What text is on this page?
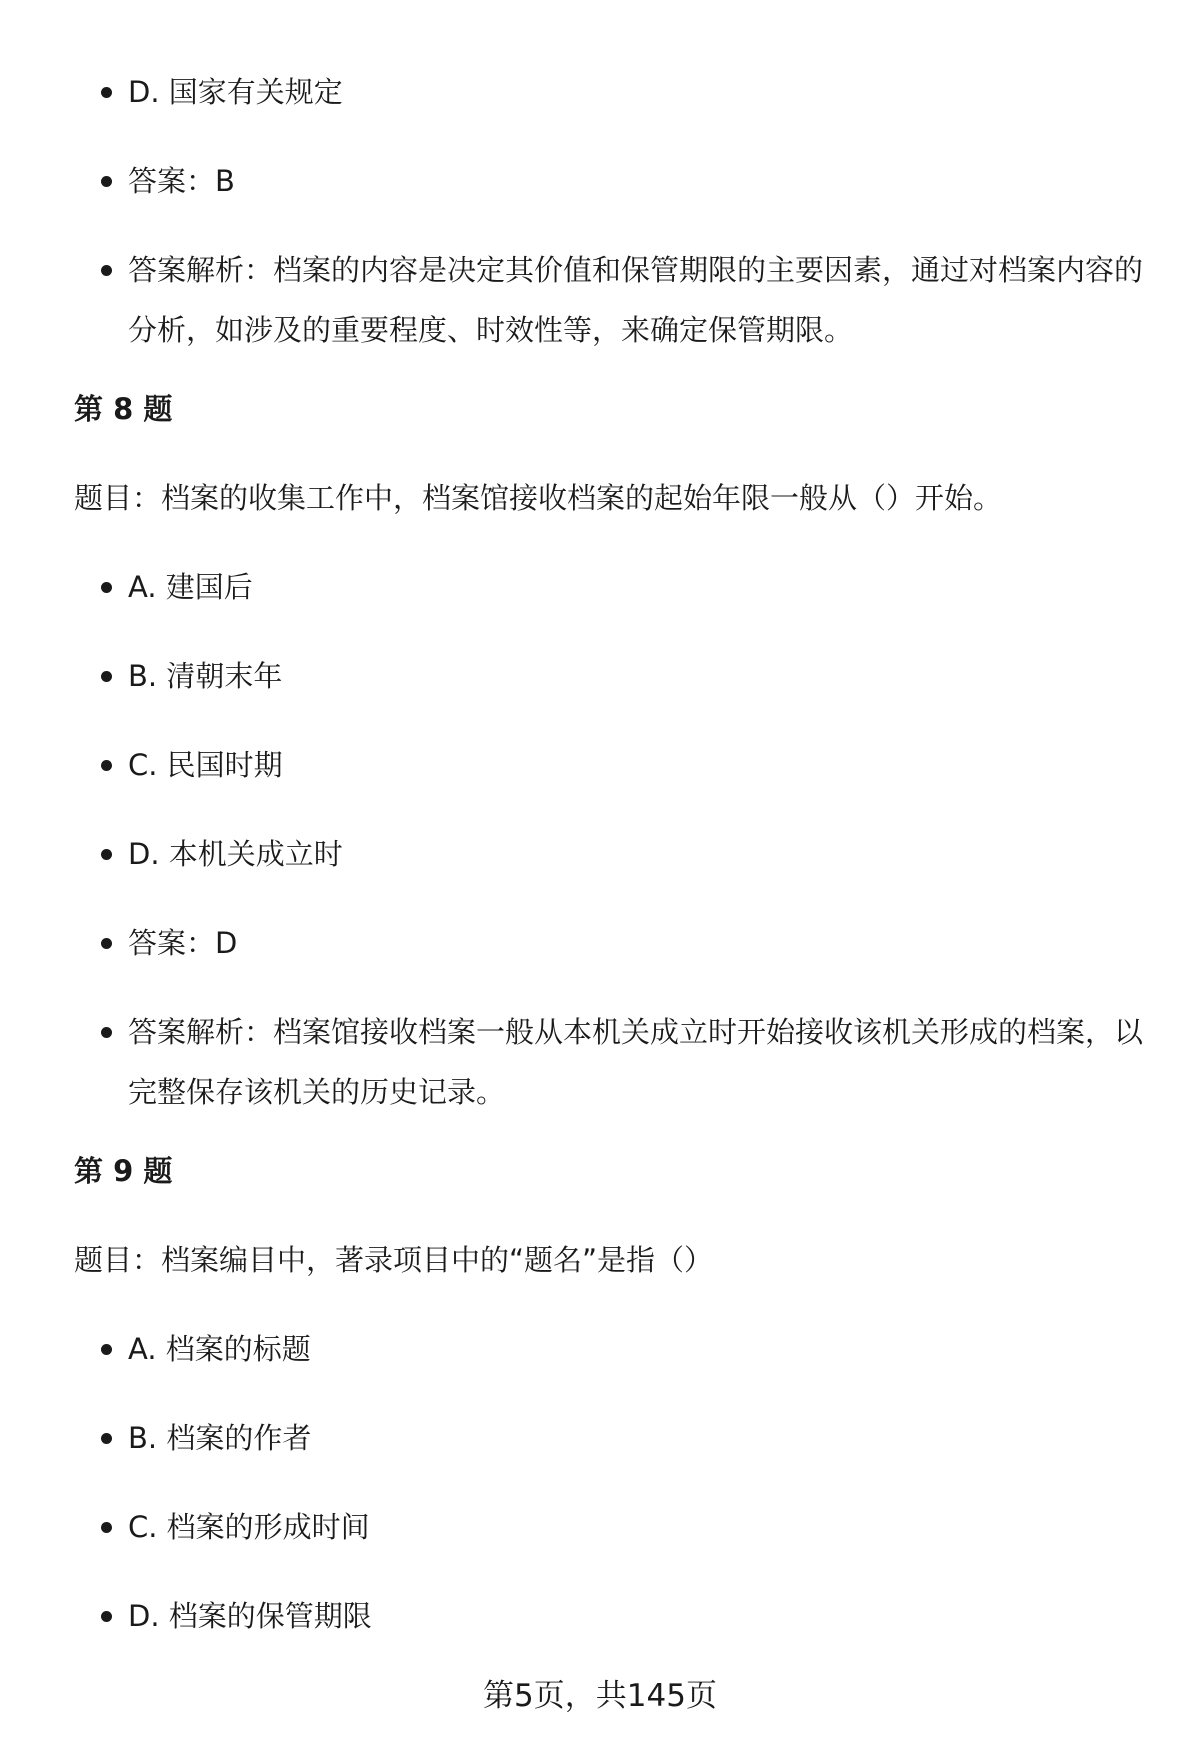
D. 国家有关规定
答案：B
答案解析：档案的内容是决定其价值和保管期限的主要因素，通过对档案内容的分析，如涉及的重要程度、时效性等，来确定保管期限。
第 8 题
题目：档案的收集工作中，档案馆接收档案的起始年限一般从（）开始。
A. 建国后
B. 清朝末年
C. 民国时期
D. 本机关成立时
答案：D
答案解析：档案馆接收档案一般从本机关成立时开始接收该机关形成的档案，以完整保存该机关的历史记录。
第 9 题
题目：档案编目中，著录项目中的“题名”是指（）
A. 档案的标题
B. 档案的作者
C. 档案的形成时间
D. 档案的保管期限
第5页，共145页
